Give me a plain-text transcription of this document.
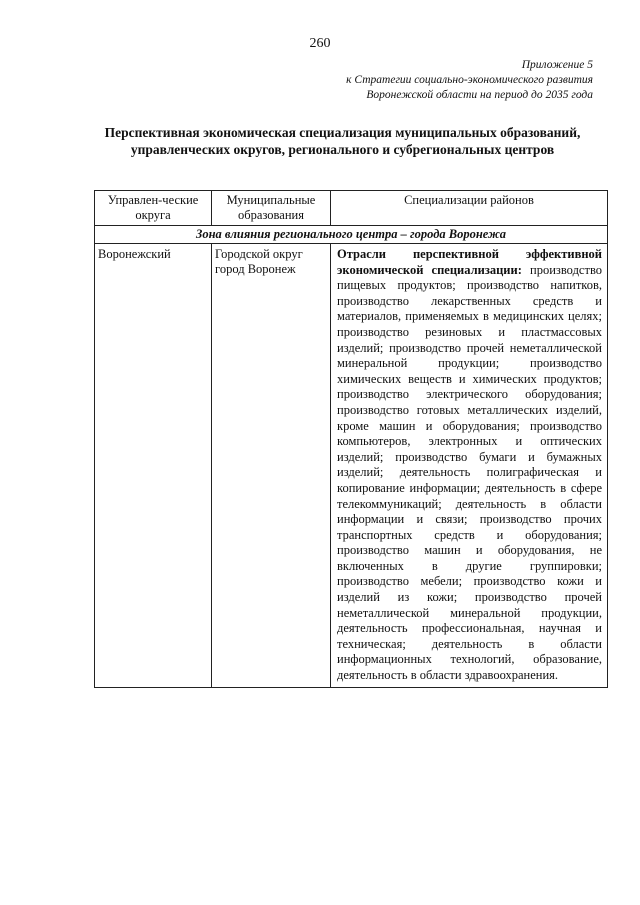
260
Приложение 5
к Стратегии социально-экономического развития
Воронежской области на период до 2035 года
Перспективная экономическая специализация муниципальных образований, управленческих округов, регионального и субрегиональных центров
Управлен-ческие округа	Муниципальные образования	Специализации районов
Зона влияния регионального центра – города Воронежа		
Воронежский	Городской округ город Воронеж	Отрасли перспективной эффективной экономической специализации: производство пищевых продуктов; производство напитков, производство лекарственных средств и материалов, применяемых в медицинских целях; производство резиновых и пластмассовых изделий; производство прочей неметаллической минеральной продукции; производство химических веществ и химических продуктов; производство электрического оборудования; производство готовых металлических изделий, кроме машин и оборудования; производство компьютеров, электронных и оптических изделий; производство бумаги и бумажных изделий; деятельность полиграфическая и копирование информации; деятельность в сфере телекоммуникаций; деятельность в области информации и связи; производство прочих транспортных средств и оборудования; производство машин и оборудования, не включенных в другие группировки; производство мебели; производство кожи и изделий из кожи; производство прочей неметаллической минеральной продукции, деятельность профессиональная, научная и техническая; деятельность в области информационных технологий, образование, деятельность в области здравоохранения.
